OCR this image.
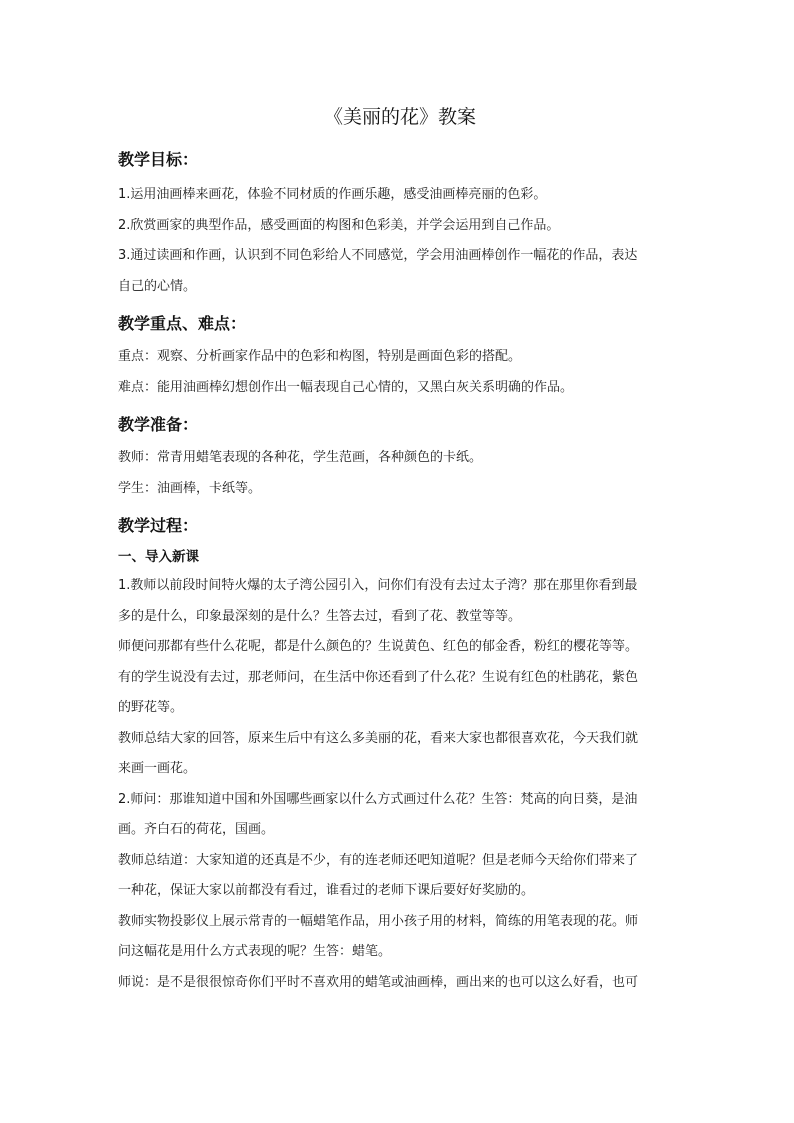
《美丽的花》教案
教学目标：
1.运用油画棒来画花，体验不同材质的作画乐趣，感受油画棒亮丽的色彩。
2.欣赏画家的典型作品，感受画面的构图和色彩美，并学会运用到自己作品。
3.通过读画和作画，认识到不同色彩给人不同感觉，学会用油画棒创作一幅花的作品，表达
自己的心情。
教学重点、难点：
重点：观察、分析画家作品中的色彩和构图，特别是画面色彩的搭配。
难点：能用油画棒幻想创作出一幅表现自己心情的，又黑白灰关系明确的作品。
教学准备：
教师：常青用蜡笔表现的各种花，学生范画，各种颜色的卡纸。
学生：油画棒，卡纸等。
教学过程：
一、导入新课
1.教师以前段时间特火爆的太子湾公园引入，问你们有没有去过太子湾？那在那里你看到最
多的是什么，印象最深刻的是什么？生答去过，看到了花、教堂等等。
师便问那都有些什么花呢，都是什么颜色的？生说黄色、红色的郁金香，粉红的樱花等等。
有的学生说没有去过，那老师问，在生活中你还看到了什么花？生说有红色的杜鹃花，紫色
的野花等。
教师总结大家的回答，原来生后中有这么多美丽的花，看来大家也都很喜欢花，今天我们就
来画一画花。
2.师问：那谁知道中国和外国哪些画家以什么方式画过什么花？生答：梵高的向日葵，是油
画。齐白石的荷花，国画。
教师总结道：大家知道的还真是不少，有的连老师还吧知道呢？但是老师今天给你们带来了
一种花，保证大家以前都没有看过，谁看过的老师下课后要好好奖励的。
教师实物投影仪上展示常青的一幅蜡笔作品，用小孩子用的材料，简练的用笔表现的花。师
问这幅花是用什么方式表现的呢？生答：蜡笔。
师说：是不是很很惊奇你们平时不喜欢用的蜡笔或油画棒，画出来的也可以这么好看，也可
